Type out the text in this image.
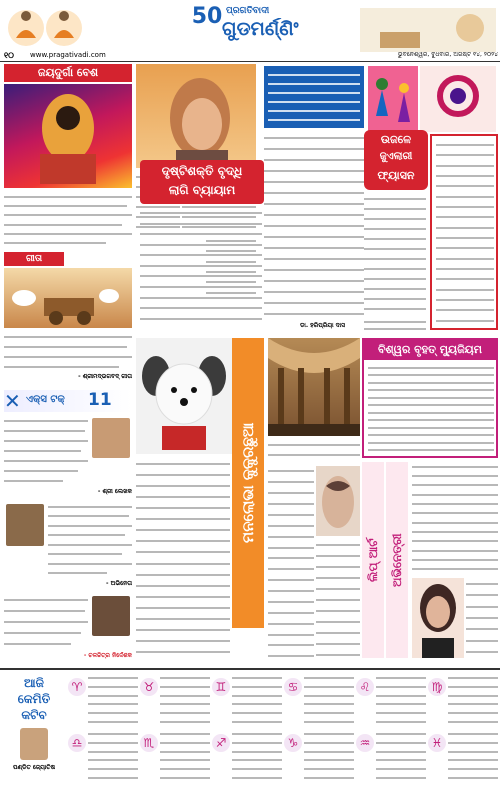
50 ପ୍ରଗତିବାଦୀ
ଗୁଡମର୍ଣ୍ଣିଂ
୧୦	www.pragativadi.com	ଭୁବନେଶ୍ୱର, ବୁଧବାର, ଅଗଷ୍ଟ ୧୪, ୨୦୨୪
ଜୟଦୁର୍ଗା ବେଶ
ଗୀତା
- ଶ୍ରୀମଦ୍ଭଗବଦ୍ ଗୀତା
✕ ଏକ୍ସ ଟକ୍	11
- ଶ୍ରୀ ଲେଖକ
- ଅଭିନେତା
- ଚଳଚ୍ଚିତ୍ର ନିର୍ଦ୍ଦେଶକ
ଦୃଷ୍ଟିଶକ୍ତି ବୃଦ୍ଧି
ଲାଗି ବ୍ୟାୟାମ
ଡା. ହରିପ୍ରିୟା ଦାସ
ଉଜଳେ
ଜୁଏଲାରୀ
ଫ୍ୟାସନ
ମନଲୋଭା କୁକୁରଛୁଆ
ବିଶ୍ୱର ବୃହତ୍ ମ୍ୟୁଜିୟମ
ଲିପ୍ ଆର୍ଟ ଅଭିନେତ୍ରୀ
ଆଜି
କେମିତି
କଟିବ
ପଣ୍ଡିତ ଜ୍ୟୋତିଷ
♈	♉	♊	♋	♌	♍
♎	♏	♐	♑	♒	♓
